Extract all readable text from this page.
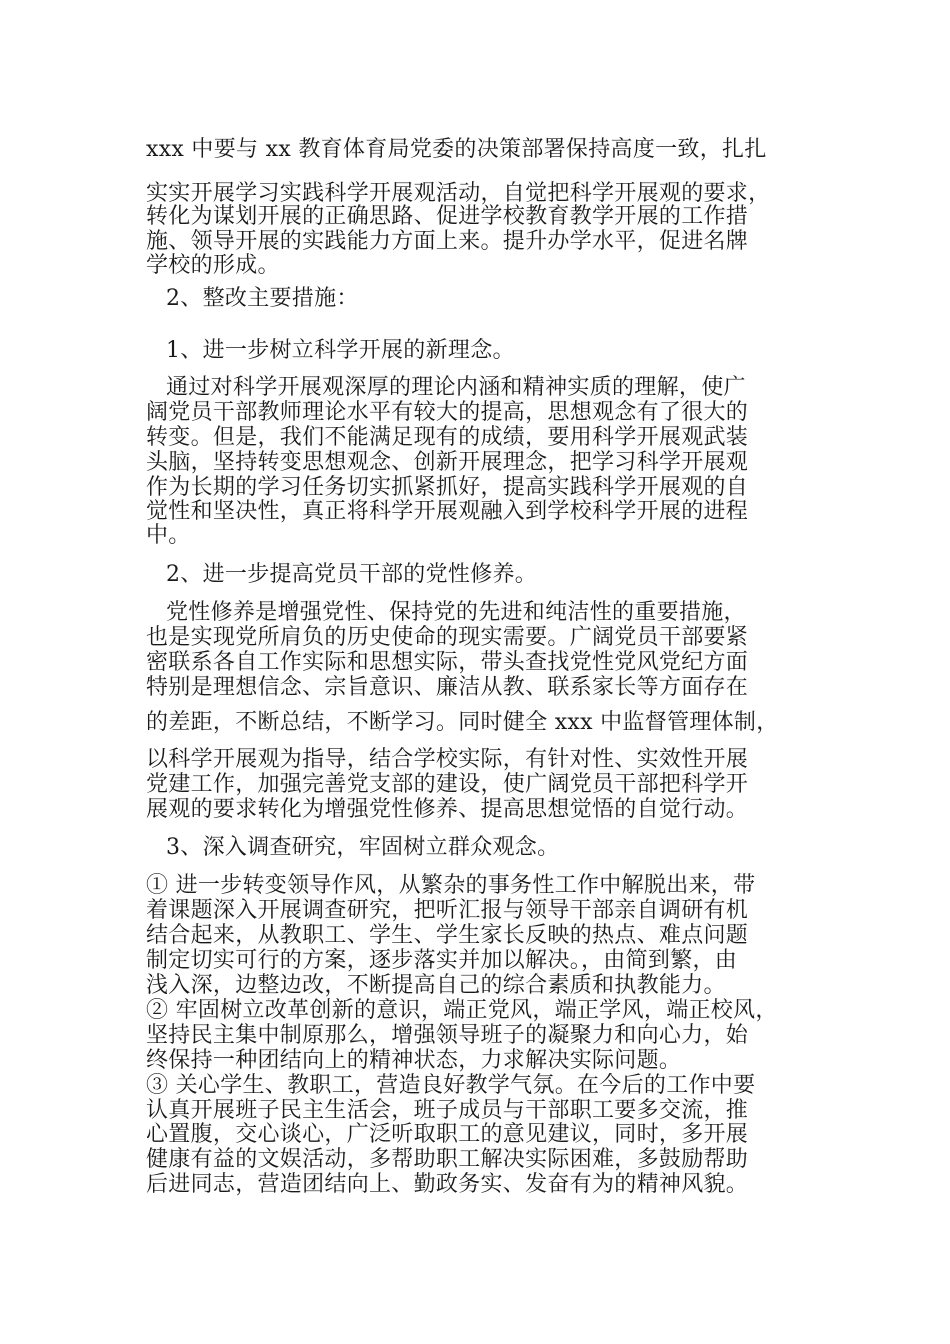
xxx 中要与 xx 教育体育局党委的决策部署保持高度一致，扎扎
实实开展学习实践科学开展观活动，自觉把科学开展观的要求，
转化为谋划开展的正确思路、促进学校教育教学开展的工作措
施、领导开展的实践能力方面上来。提升办学水平，促进名牌
学校的形成。
2、整改主要措施：
1、进一步树立科学开展的新理念。
通过对科学开展观深厚的理论内涵和精神实质的理解，使广
阔党员干部教师理论水平有较大的提高，思想观念有了很大的
转变。但是，我们不能满足现有的成绩，要用科学开展观武装
头脑，坚持转变思想观念、创新开展理念，把学习科学开展观
作为长期的学习任务切实抓紧抓好，提高实践科学开展观的自
觉性和坚决性，真正将科学开展观融入到学校科学开展的进程
中。
2、进一步提高党员干部的党性修养。
党性修养是增强党性、保持党的先进和纯洁性的重要措施，
也是实现党所肩负的历史使命的现实需要。广阔党员干部要紧
密联系各自工作实际和思想实际，带头查找党性党风党纪方面
特别是理想信念、宗旨意识、廉洁从教、联系家长等方面存在
的差距，不断总结，不断学习。同时健全 xxx 中监督管理体制，
以科学开展观为指导，结合学校实际，有针对性、实效性开展
党建工作，加强完善党支部的建设，使广阔党员干部把科学开
展观的要求转化为增强党性修养、提高思想觉悟的自觉行动。
3、深入调查研究，牢固树立群众观念。
① 进一步转变领导作风，从繁杂的事务性工作中解脱出来，带
着课题深入开展调查研究，把听汇报与领导干部亲自调研有机
结合起来，从教职工、学生、学生家长反映的热点、难点问题
制定切实可行的方案，逐步落实并加以解决。，由简到繁，由
浅入深，边整边改，不断提高自己的综合素质和执教能力。
② 牢固树立改革创新的意识，端正党风，端正学风，端正校风，
坚持民主集中制原那么，增强领导班子的凝聚力和向心力，始
终保持一种团结向上的精神状态，力求解决实际问题。
③ 关心学生、教职工，营造良好教学气氛。在今后的工作中要
认真开展班子民主生活会，班子成员与干部职工要多交流，推
心置腹，交心谈心，广泛听取职工的意见建议，同时，多开展
健康有益的文娱活动，多帮助职工解决实际困难，多鼓励帮助
后进同志，营造团结向上、勤政务实、发奋有为的精神风貌。
